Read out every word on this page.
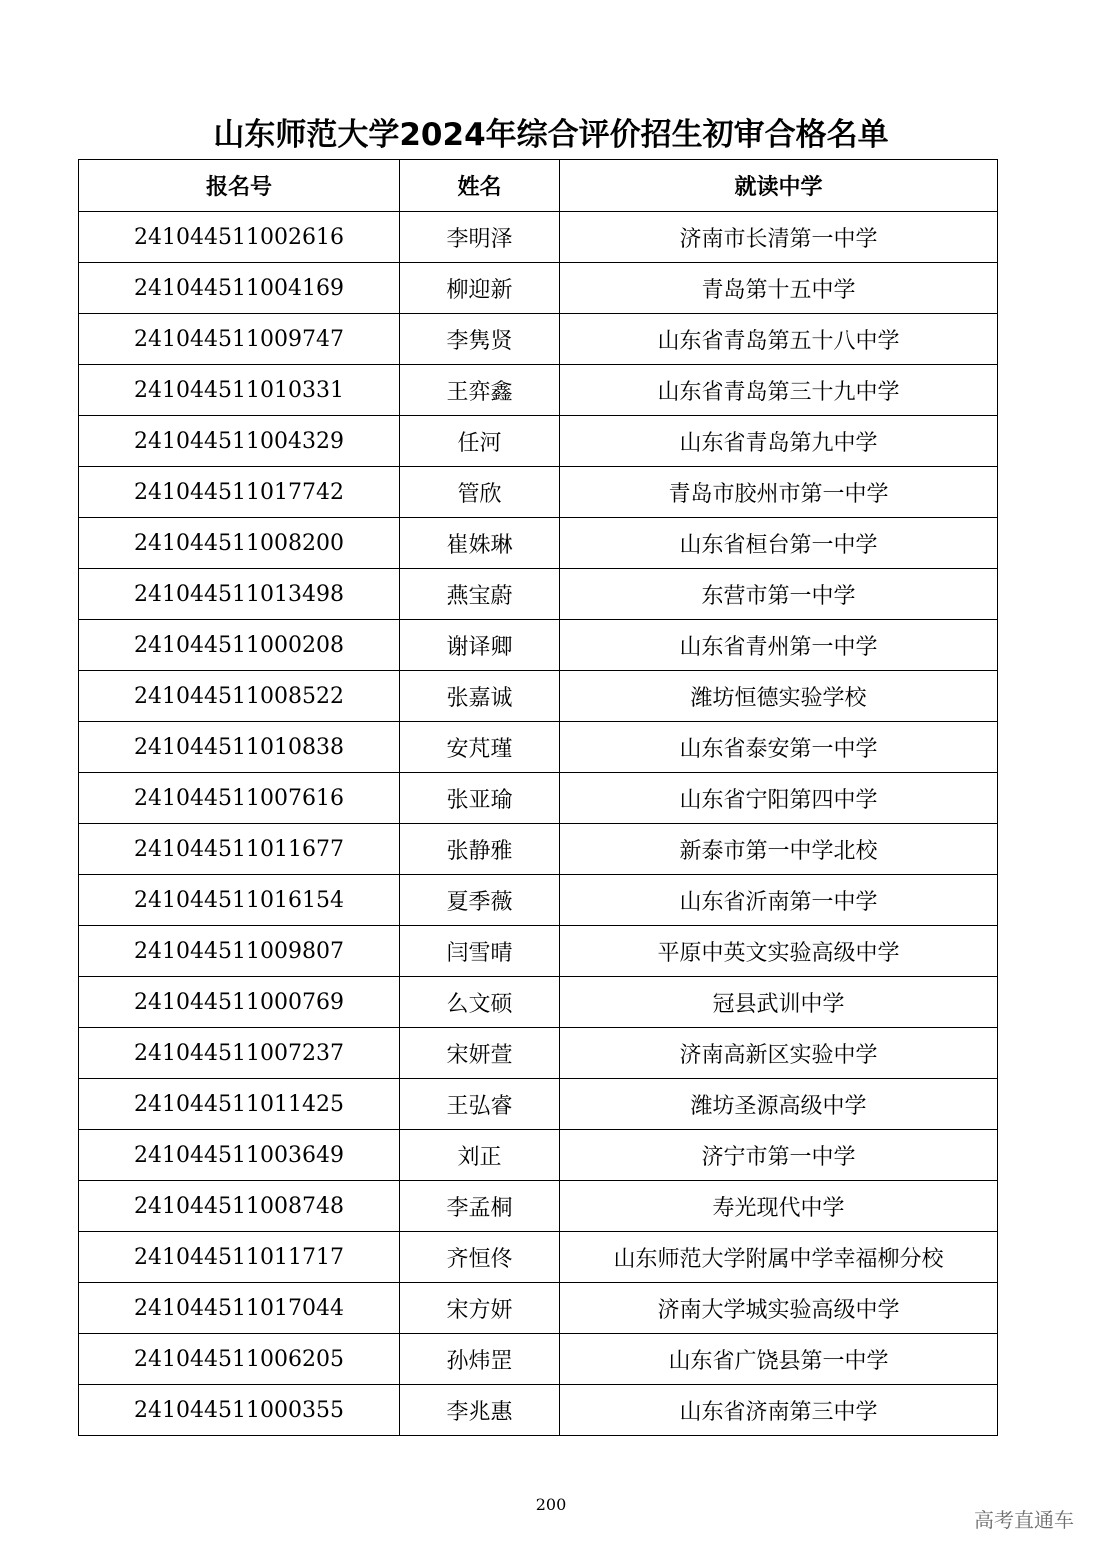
山东师范大学2024年综合评价招生初审合格名单
报名号	姓名	就读中学
241044511002616	李明泽	济南市长清第一中学
241044511004169	柳迎新	青岛第十五中学
241044511009747	李隽贤	山东省青岛第五十八中学
241044511010331	王弈鑫	山东省青岛第三十九中学
241044511004329	任河	山东省青岛第九中学
241044511017742	管欣	青岛市胶州市第一中学
241044511008200	崔姝琳	山东省桓台第一中学
241044511013498	燕宝蔚	东营市第一中学
241044511000208	谢译卿	山东省青州第一中学
241044511008522	张嘉诚	潍坊恒德实验学校
241044511010838	安芃瑾	山东省泰安第一中学
241044511007616	张亚瑜	山东省宁阳第四中学
241044511011677	张静雅	新泰市第一中学北校
241044511016154	夏季薇	山东省沂南第一中学
241044511009807	闫雪晴	平原中英文实验高级中学
241044511000769	么文硕	冠县武训中学
241044511007237	宋妍萱	济南高新区实验中学
241044511011425	王弘睿	潍坊圣源高级中学
241044511003649	刘正	济宁市第一中学
241044511008748	李孟桐	寿光现代中学
241044511011717	齐恒佟	山东师范大学附属中学幸福柳分校
241044511017044	宋方妍	济南大学城实验高级中学
241044511006205	孙炜罡	山东省广饶县第一中学
241044511000355	李兆惠	山东省济南第三中学
200
高考直通车
